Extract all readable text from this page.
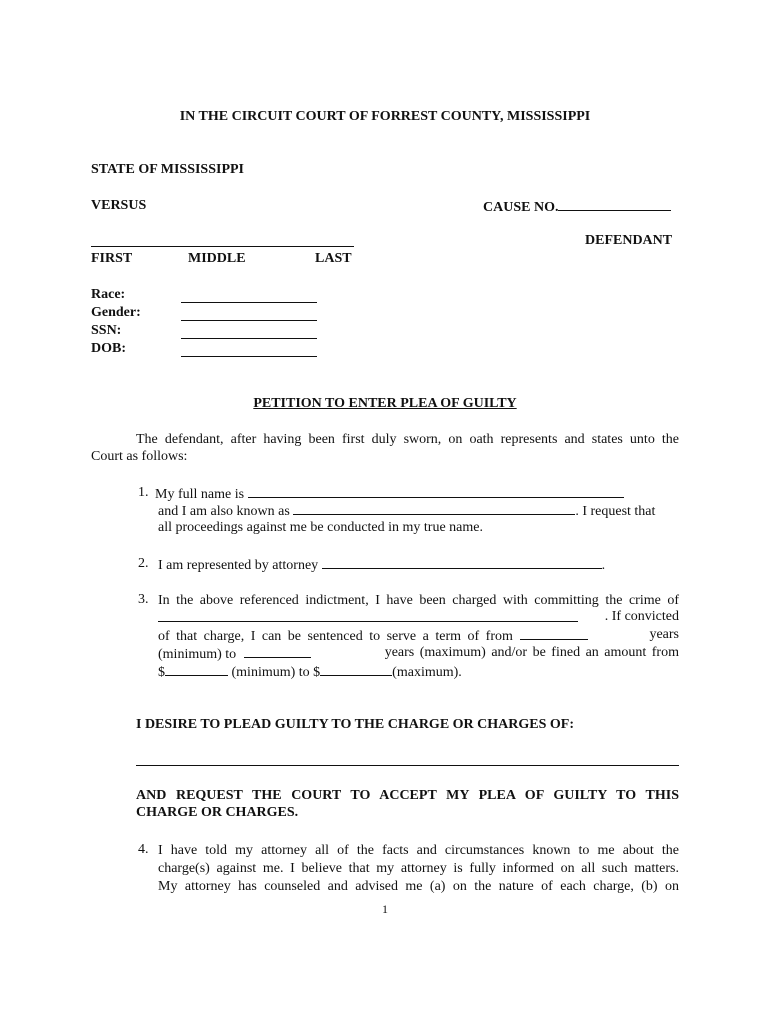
IN THE CIRCUIT COURT OF FORREST COUNTY, MISSISSIPPI
STATE OF MISSISSIPPI
VERSUS	CAUSE NO.
DEFENDANT
FIRST	MIDDLE	LAST
Race:
Gender:
SSN:
DOB:
PETITION TO ENTER PLEA OF GUILTY
The defendant, after having been first duly sworn, on oath represents and states unto the
Court as follows:
1. My full name is
and I am also known as	. I request that
all proceedings against me be conducted in my true name.
2. I am represented by attorney	.
3. In the above referenced indictment, I have been charged with committing the crime of
. If convicted
of that charge, I can be sentenced to serve a term of from	years
(minimum) to	years (maximum) and/or be fined an amount from
$	(minimum) to $	(maximum).
I DESIRE TO PLEAD GUILTY TO THE CHARGE OR CHARGES OF:
AND REQUEST THE COURT TO ACCEPT MY PLEA OF GUILTY TO THIS
CHARGE OR CHARGES.
4. I have told my attorney all of the facts and circumstances known to me about the
charge(s) against me. I believe that my attorney is fully informed on all such matters.
My attorney has counseled and advised me (a) on the nature of each charge, (b) on
1
